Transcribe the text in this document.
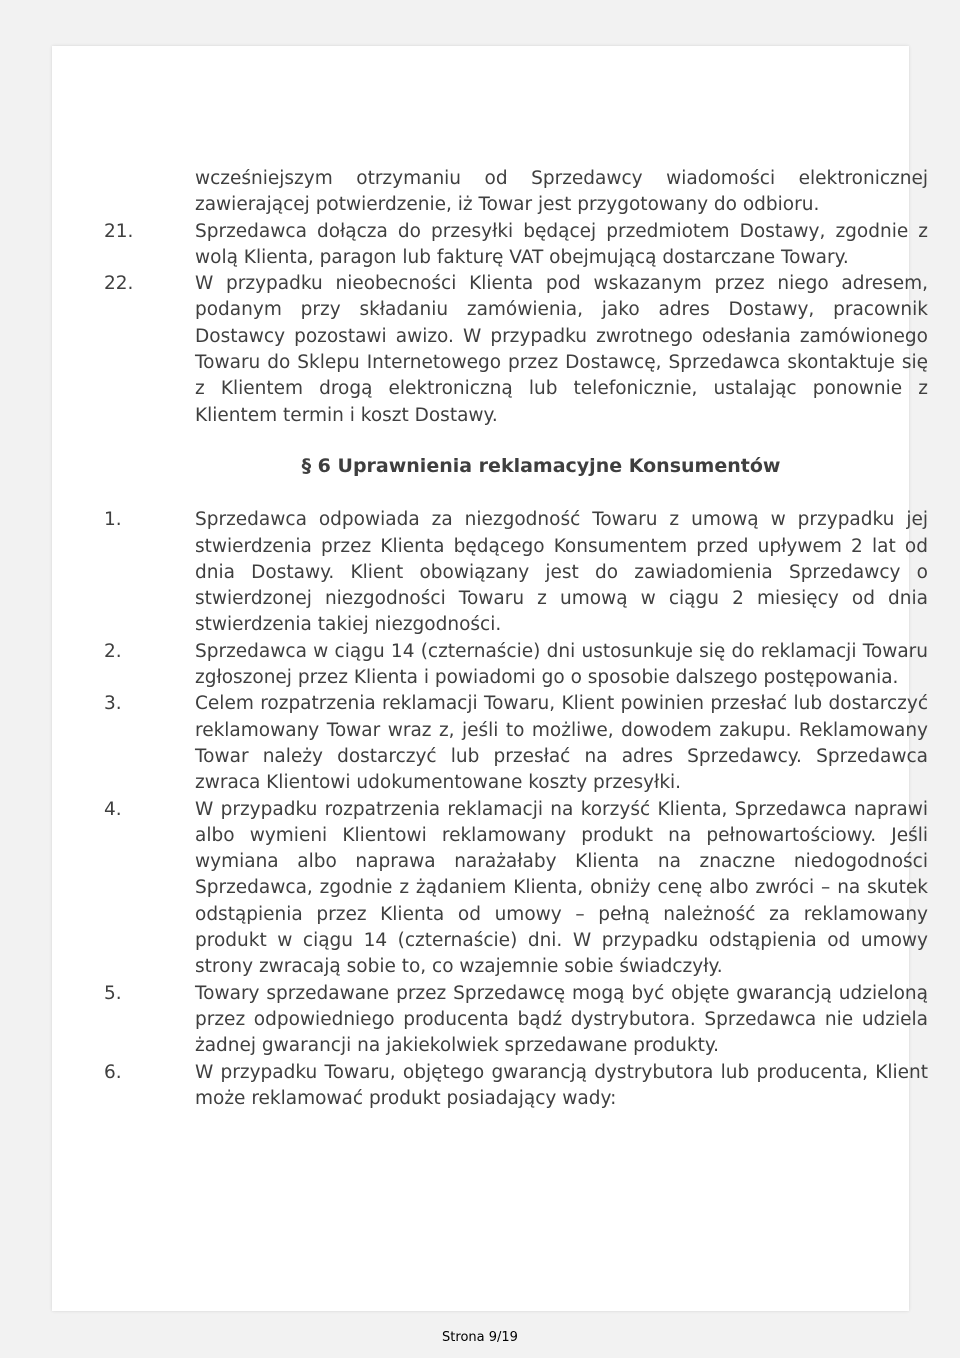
wcześniejszym otrzymaniu od Sprzedawcy wiadomości elektronicznej zawierającej potwierdzenie, iż Towar jest przygotowany do odbioru.

21.	Sprzedawca dołącza do przesyłki będącej przedmiotem Dostawy, zgodnie z wolą Klienta, paragon lub fakturę VAT obejmującą dostarczane Towary.

22.	W przypadku nieobecności Klienta pod wskazanym przez niego adresem, podanym przy składaniu zamówienia, jako adres Dostawy, pracownik Dostawcy pozostawi awizo. W przypadku zwrotnego odesłania zamówionego Towaru do Sklepu Internetowego przez Dostawcę, Sprzedawca skontaktuje się z Klientem drogą elektroniczną lub telefonicznie, ustalając ponownie z Klientem termin i koszt Dostawy.

§ 6 Uprawnienia reklamacyjne Konsumentów

1.	Sprzedawca odpowiada za niezgodność Towaru z umową w przypadku jej stwierdzenia przez Klienta będącego Konsumentem przed upływem 2 lat od dnia Dostawy. Klient obowiązany jest do zawiadomienia Sprzedawcy o stwierdzonej niezgodności Towaru z umową w ciągu 2 miesięcy od dnia stwierdzenia takiej niezgodności.

2.	Sprzedawca w ciągu 14 (czternaście) dni ustosunkuje się do reklamacji Towaru zgłoszonej przez Klienta i powiadomi go o sposobie dalszego postępowania.

3.	Celem rozpatrzenia reklamacji Towaru, Klient powinien przesłać lub dostarczyć reklamowany Towar wraz z, jeśli to możliwe, dowodem zakupu. Reklamowany Towar należy dostarczyć lub przesłać na adres Sprzedawcy. Sprzedawca zwraca Klientowi udokumentowane koszty przesyłki.

4.	W przypadku rozpatrzenia reklamacji na korzyść Klienta, Sprzedawca naprawi albo wymieni Klientowi reklamowany produkt na pełnowartościowy. Jeśli wymiana albo naprawa narażałaby Klienta na znaczne niedogodności Sprzedawca, zgodnie z żądaniem Klienta, obniży cenę albo zwróci – na skutek odstąpienia przez Klienta od umowy – pełną należność za reklamowany produkt w ciągu 14 (czternaście) dni. W przypadku odstąpienia od umowy strony zwracają sobie to, co wzajemnie sobie świadczyły.

5.	Towary sprzedawane przez Sprzedawcę mogą być objęte gwarancją udzieloną przez odpowiedniego producenta bądź dystrybutora. Sprzedawca nie udziela żadnej gwarancji na jakiekolwiek sprzedawane produkty.

6.	W przypadku Towaru, objętego gwarancją dystrybutora lub producenta, Klient może reklamować produkt posiadający wady:

Strona 9/19
